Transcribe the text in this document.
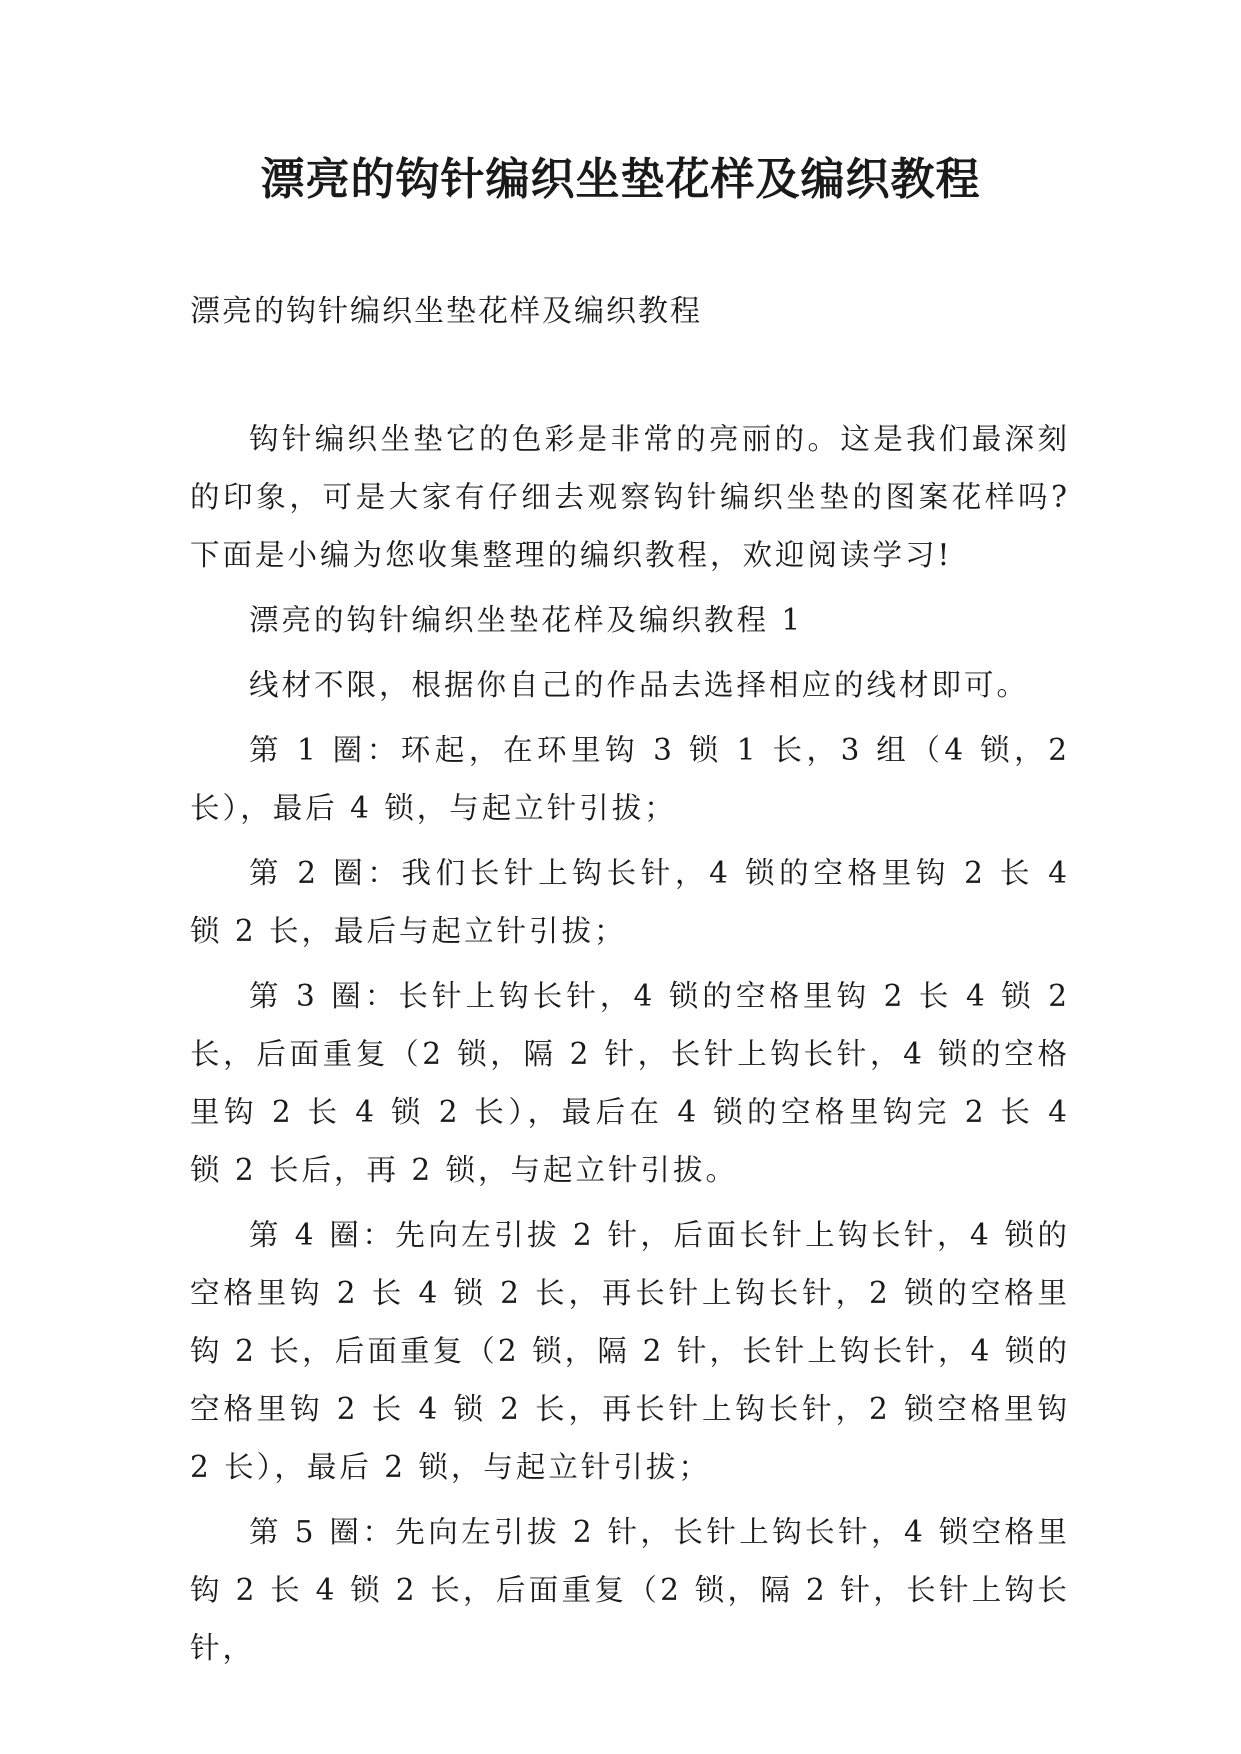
漂亮的钩针编织坐垫花样及编织教程

漂亮的钩针编织坐垫花样及编织教程

钩针编织坐垫它的色彩是非常的亮丽的。这是我们最深刻的印象，可是大家有仔细去观察钩针编织坐垫的图案花样吗?下面是小编为您收集整理的编织教程，欢迎阅读学习!

漂亮的钩针编织坐垫花样及编织教程 1

线材不限，根据你自己的作品去选择相应的线材即可。

第 1 圈：环起，在环里钩 3 锁 1 长，3 组（4 锁，2 长），最后 4 锁，与起立针引拔；

第 2 圈：我们长针上钩长针，4 锁的空格里钩 2 长 4 锁 2 长，最后与起立针引拔；

第 3 圈：长针上钩长针，4 锁的空格里钩 2 长 4 锁 2 长，后面重复（2 锁，隔 2 针，长针上钩长针，4 锁的空格里钩 2 长 4 锁 2 长），最后在 4 锁的空格里钩完 2 长 4 锁 2 长后，再 2 锁，与起立针引拔。

第 4 圈：先向左引拔 2 针，后面长针上钩长针，4 锁的空格里钩 2 长 4 锁 2 长，再长针上钩长针，2 锁的空格里钩 2 长，后面重复（2 锁，隔 2 针，长针上钩长针，4 锁的空格里钩 2 长 4 锁 2 长，再长针上钩长针，2 锁空格里钩 2 长），最后 2 锁，与起立针引拔；

第 5 圈：先向左引拔 2 针，长针上钩长针，4 锁空格里钩 2 长 4 锁 2 长，后面重复（2 锁，隔 2 针，长针上钩长针，
